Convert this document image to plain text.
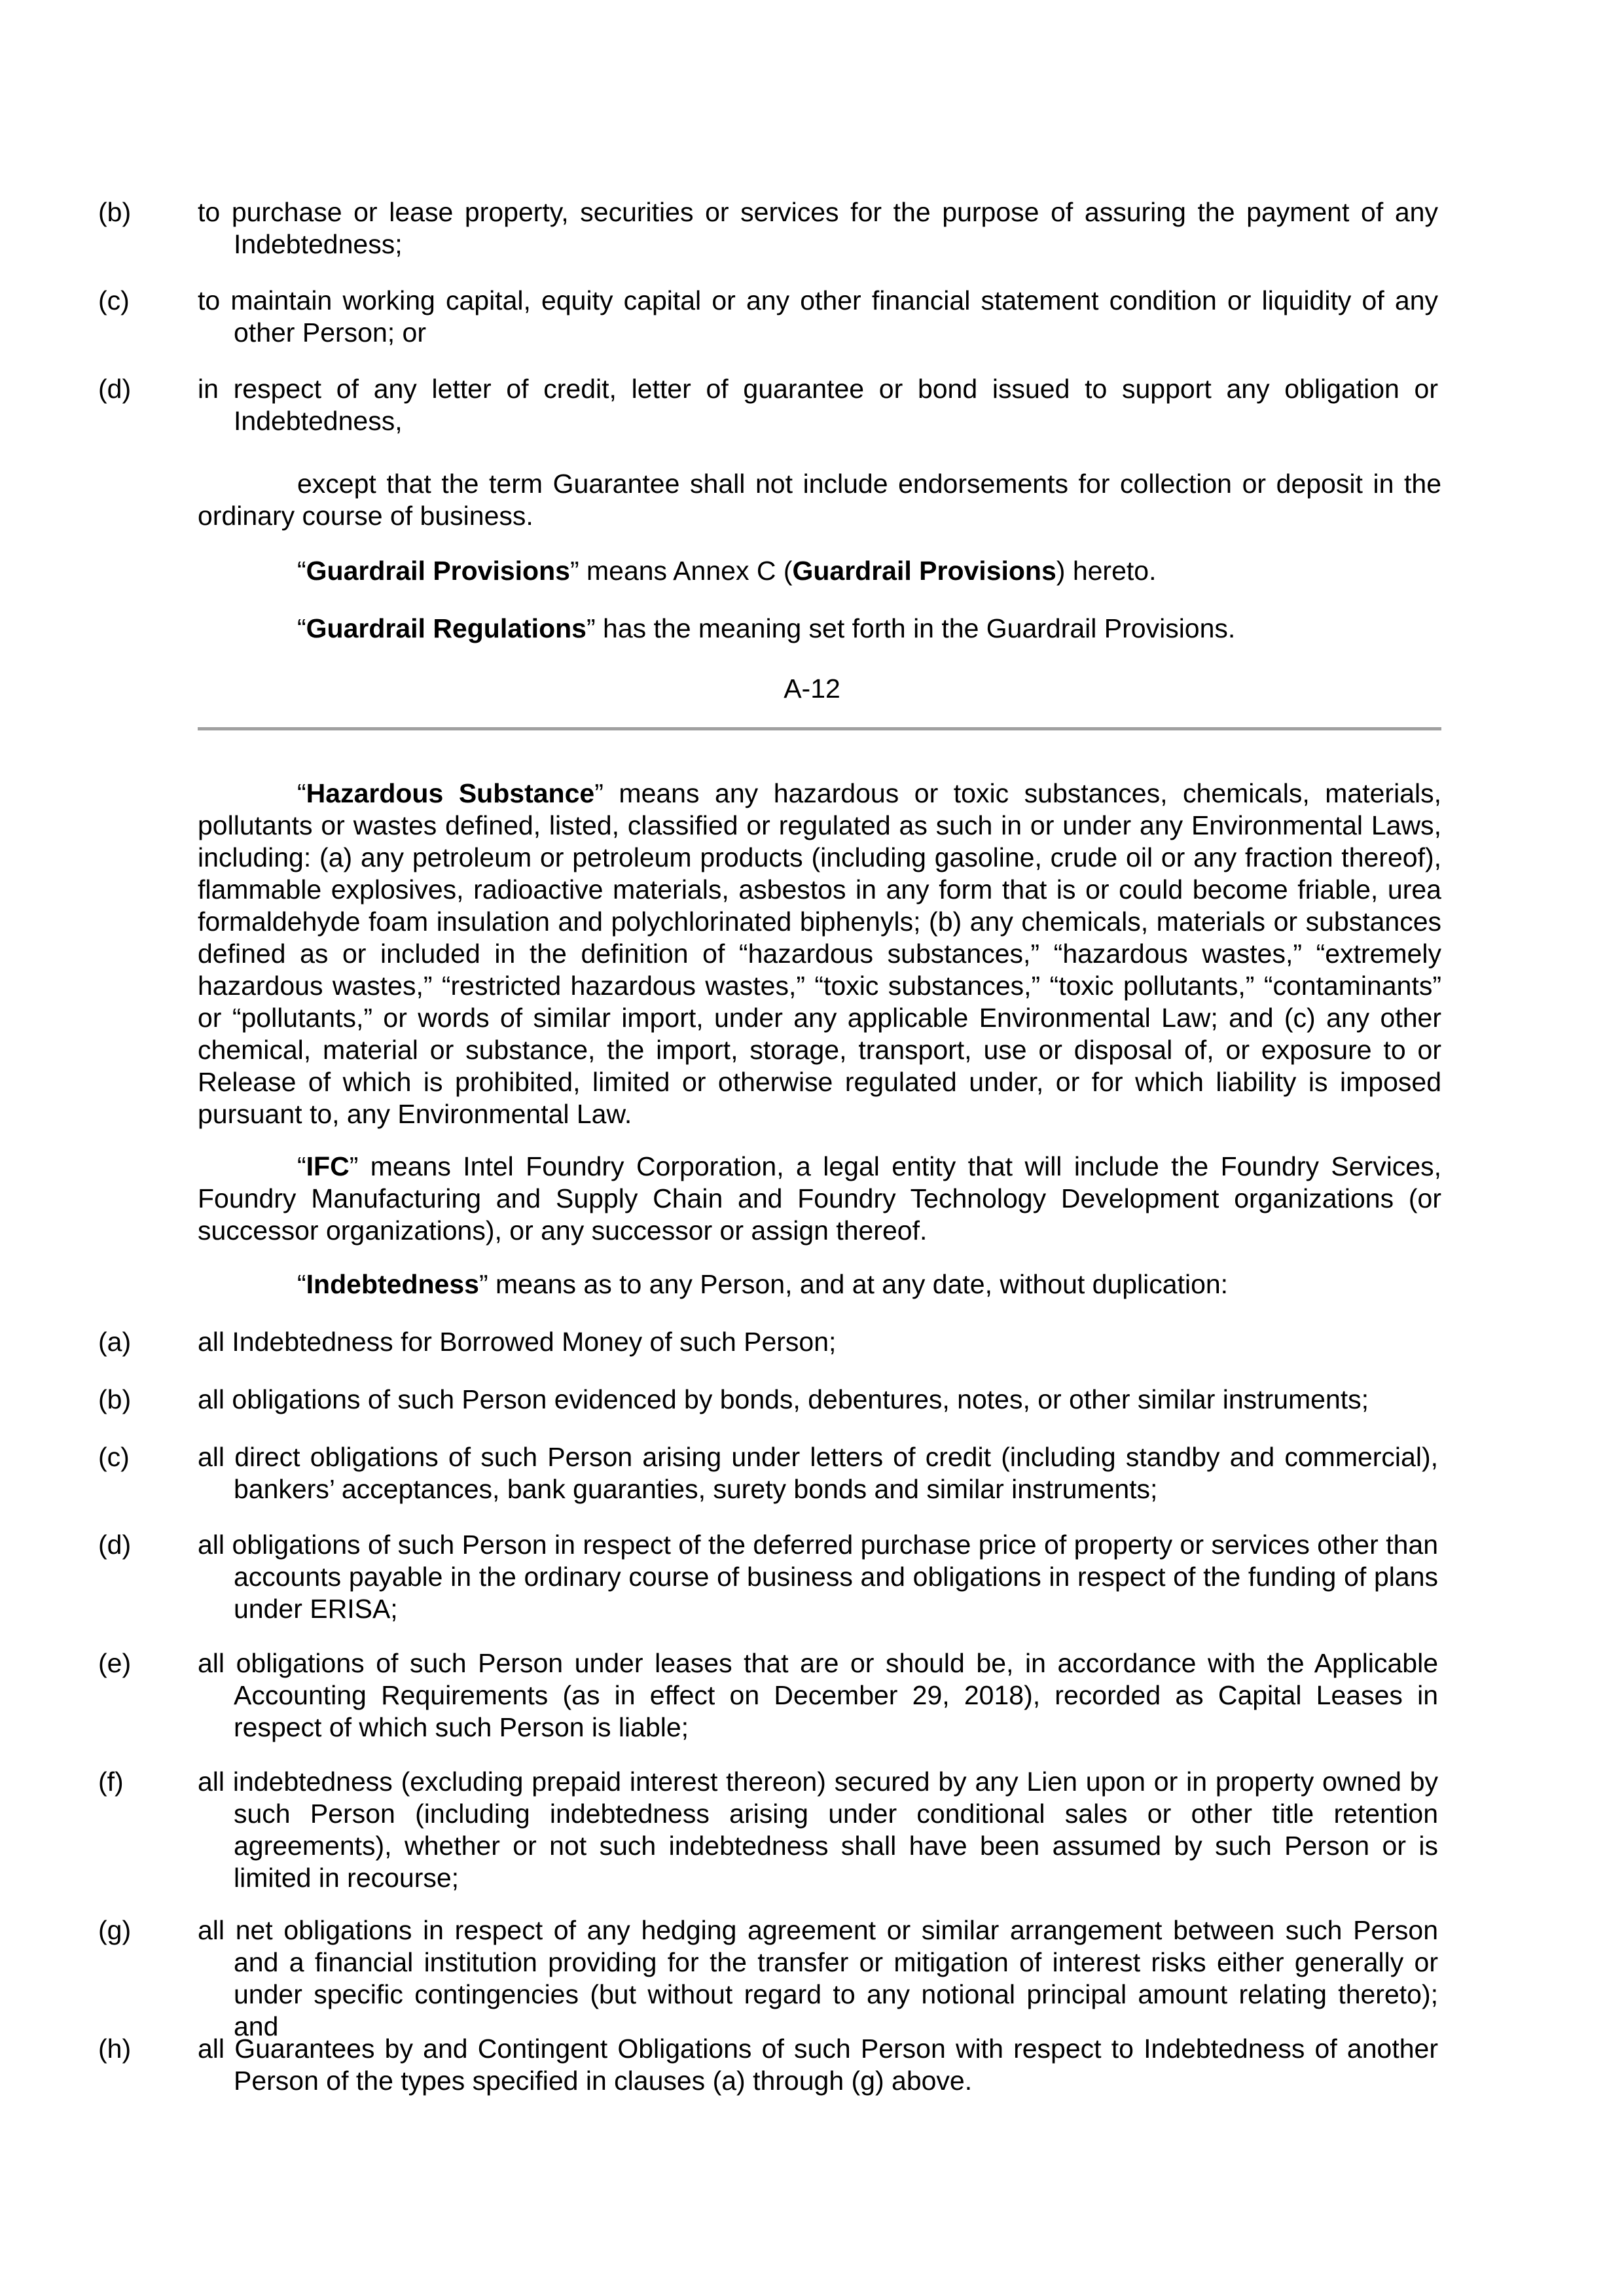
(b)	to purchase or lease property, securities or services for the purpose of assuring the payment of any Indebtedness;
(c)	to maintain working capital, equity capital or any other financial statement condition or liquidity of any other Person; or
(d)	in respect of any letter of credit, letter of guarantee or bond issued to support any obligation or Indebtedness,
except that the term Guarantee shall not include endorsements for collection or deposit in the ordinary course of business.
“Guardrail Provisions” means Annex C (Guardrail Provisions) hereto.
“Guardrail Regulations” has the meaning set forth in the Guardrail Provisions.
A-12
“Hazardous Substance” means any hazardous or toxic substances, chemicals, materials, pollutants or wastes defined, listed, classified or regulated as such in or under any Environmental Laws, including: (a) any petroleum or petroleum products (including gasoline, crude oil or any fraction thereof), flammable explosives, radioactive materials, asbestos in any form that is or could become friable, urea formaldehyde foam insulation and polychlorinated biphenyls; (b) any chemicals, materials or substances defined as or included in the definition of “hazardous substances,” “hazardous wastes,” “extremely hazardous wastes,” “restricted hazardous wastes,” “toxic substances,” “toxic pollutants,” “contaminants” or “pollutants,” or words of similar import, under any applicable Environmental Law; and (c) any other chemical, material or substance, the import, storage, transport, use or disposal of, or exposure to or Release of which is prohibited, limited or otherwise regulated under, or for which liability is imposed pursuant to, any Environmental Law.
“IFC” means Intel Foundry Corporation, a legal entity that will include the Foundry Services, Foundry Manufacturing and Supply Chain and Foundry Technology Development organizations (or successor organizations), or any successor or assign thereof.
“Indebtedness” means as to any Person, and at any date, without duplication:
(a)	all Indebtedness for Borrowed Money of such Person;
(b)	all obligations of such Person evidenced by bonds, debentures, notes, or other similar instruments;
(c)	all direct obligations of such Person arising under letters of credit (including standby and commercial), bankers’ acceptances, bank guaranties, surety bonds and similar instruments;
(d)	all obligations of such Person in respect of the deferred purchase price of property or services other than accounts payable in the ordinary course of business and obligations in respect of the funding of plans under ERISA;
(e)	all obligations of such Person under leases that are or should be, in accordance with the Applicable Accounting Requirements (as in effect on December 29, 2018), recorded as Capital Leases in respect of which such Person is liable;
(f)	all indebtedness (excluding prepaid interest thereon) secured by any Lien upon or in property owned by such Person (including indebtedness arising under conditional sales or other title retention agreements), whether or not such indebtedness shall have been assumed by such Person or is limited in recourse;
(g)	all net obligations in respect of any hedging agreement or similar arrangement between such Person and a financial institution providing for the transfer or mitigation of interest risks either generally or under specific contingencies (but without regard to any notional principal amount relating thereto); and
(h)	all Guarantees by and Contingent Obligations of such Person with respect to Indebtedness of another Person of the types specified in clauses (a) through (g) above.
